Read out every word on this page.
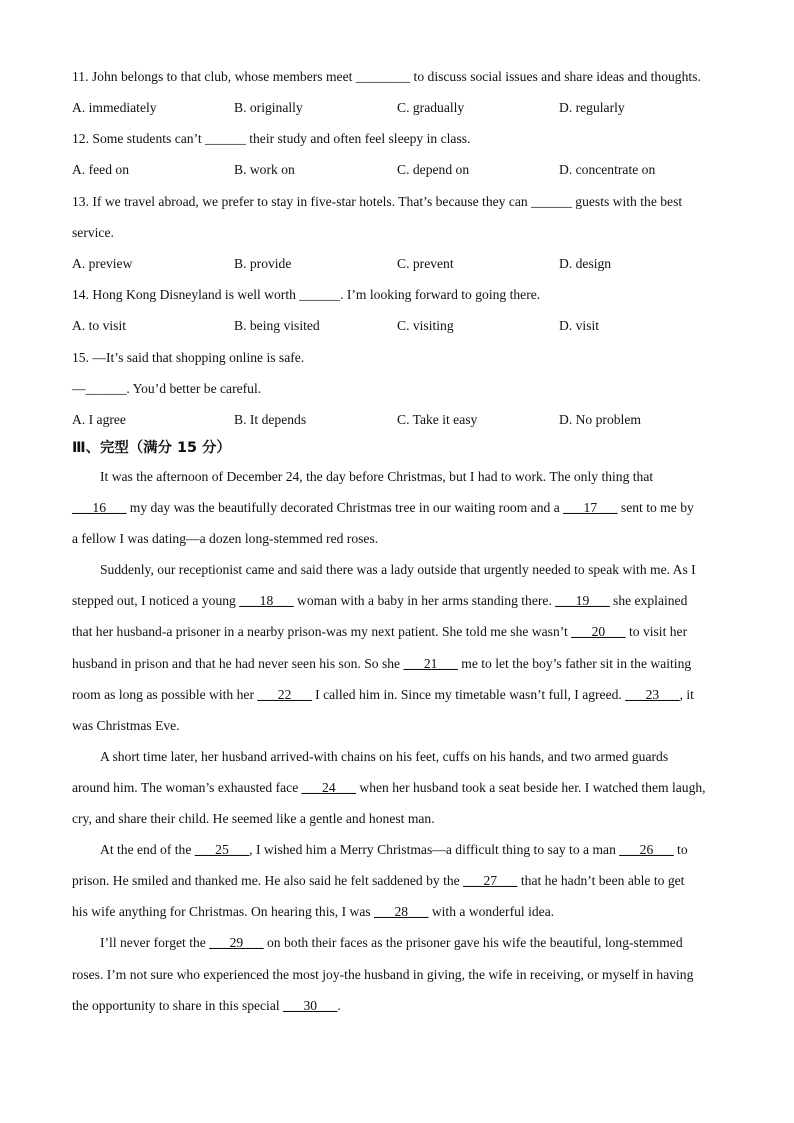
11. John belongs to that club, whose members meet ________ to discuss social issues and share ideas and thoughts.
A. immediately	B. originally	C. gradually	D. regularly
12. Some students can’t ______ their study and often feel sleepy in class.
A. feed on	B. work on	C. depend on	D. concentrate on
13. If we travel abroad, we prefer to stay in five-star hotels. That’s because they can ______ guests with the best
service.
A. preview	B. provide	C. prevent	D. design
14. Hong Kong Disneyland is well worth ______. I’m looking forward to going there.
A. to visit	B. being visited	C. visiting	D. visit
15. —It’s said that shopping online is safe.
—______. You’d better be careful.
A. I agree	B. It depends	C. Take it easy	D. No problem
Ⅲ、完型（满分 15 分）
It was the afternoon of December 24, the day before Christmas, but I had to work. The only thing that
___16___ my day was the beautifully decorated Christmas tree in our waiting room and a ___17___ sent to me by
a fellow I was dating—a dozen long-stemmed red roses.
Suddenly, our receptionist came and said there was a lady outside that urgently needed to speak with me. As I
stepped out, I noticed a young ___18___ woman with a baby in her arms standing there. ___19___ she explained
that her husband-a prisoner in a nearby prison-was my next patient. She told me she wasn’t ___20___ to visit her
husband in prison and that he had never seen his son. So she ___21___ me to let the boy’s father sit in the waiting
room as long as possible with her ___22___ I called him in. Since my timetable wasn’t full, I agreed. ___23___, it
was Christmas Eve.
A short time later, her husband arrived-with chains on his feet, cuffs on his hands, and two armed guards
around him. The woman’s exhausted face ___24___ when her husband took a seat beside her. I watched them laugh,
cry, and share their child. He seemed like a gentle and honest man.
At the end of the ___25___, I wished him a Merry Christmas—a difficult thing to say to a man ___26___ to
prison. He smiled and thanked me. He also said he felt saddened by the ___27___ that he hadn’t been able to get
his wife anything for Christmas. On hearing this, I was ___28___ with a wonderful idea.
I’ll never forget the ___29___ on both their faces as the prisoner gave his wife the beautiful, long-stemmed
roses. I’m not sure who experienced the most joy-the husband in giving, the wife in receiving, or myself in having
the opportunity to share in this special ___30___.
